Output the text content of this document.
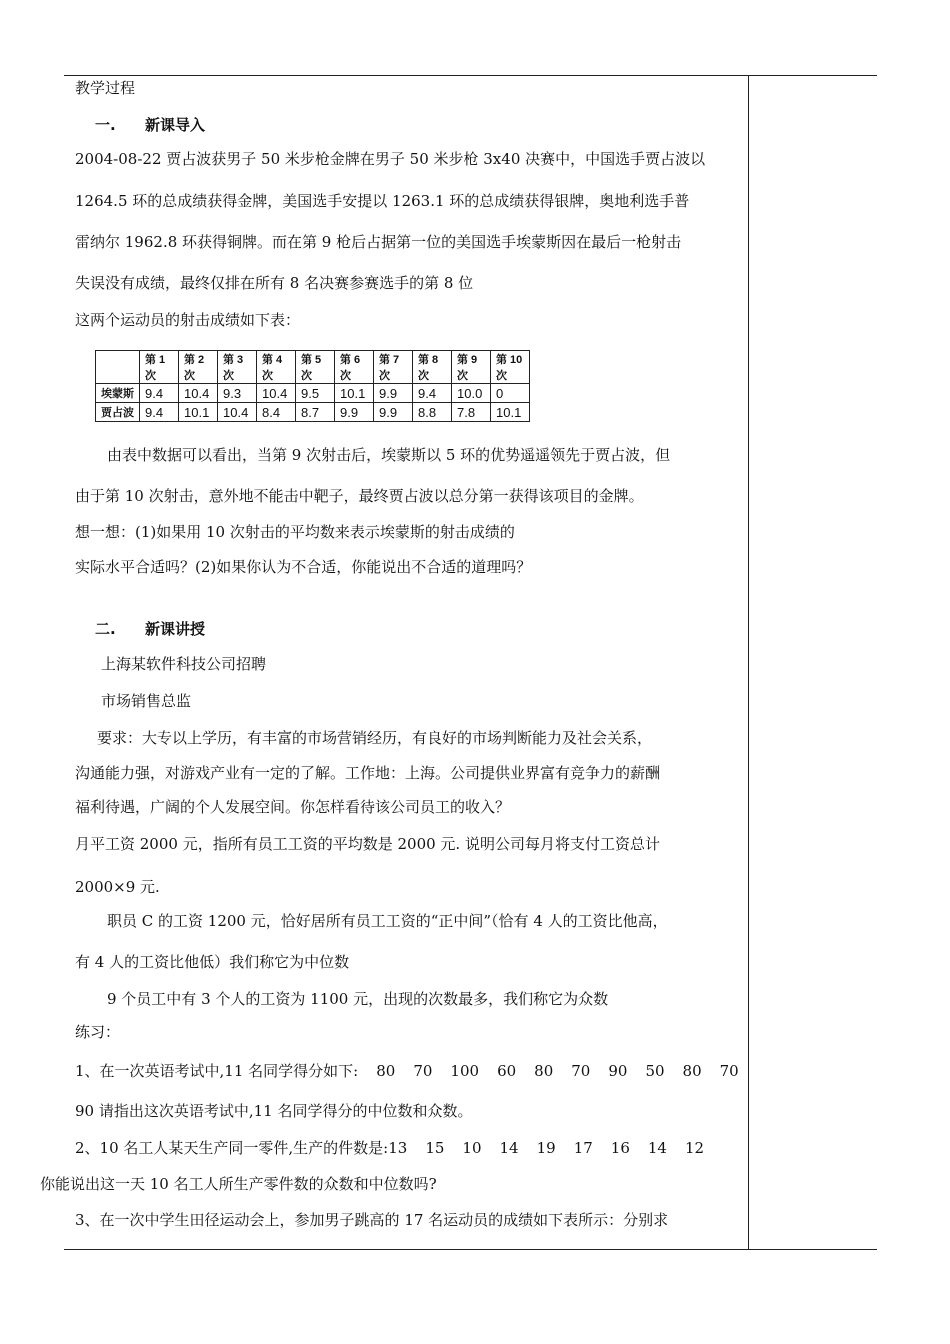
教学过程
一. 新课导入
2004-08-22 贾占波获男子 50 米步枪金牌在男子 50 米步枪 3x40 决赛中，中国选手贾占波以
1264.5 环的总成绩获得金牌，美国选手安提以 1263.1 环的总成绩获得银牌，奥地利选手普
雷纳尔 1962.8 环获得铜牌。而在第 9 枪后占据第一位的美国选手埃蒙斯因在最后一枪射击
失误没有成绩，最终仅排在所有 8 名决赛参赛选手的第 8 位
这两个运动员的射击成绩如下表：
	第 1 次	第 2 次	第 3 次	第 4 次	第 5 次	第 6 次	第 7 次	第 8 次	第 9 次	第 10 次
埃蒙斯	9.4	10.4	9.3	10.4	9.5	10.1	9.9	9.4	10.0	0
贾占波	9.4	10.1	10.4	8.4	8.7	9.9	9.9	8.8	7.8	10.1
由表中数据可以看出，当第 9 次射击后，埃蒙斯以 5 环的优势遥遥领先于贾占波，但
由于第 10 次射击，意外地不能击中靶子，最终贾占波以总分第一获得该项目的金牌。
想一想：(1)如果用 10 次射击的平均数来表示埃蒙斯的射击成绩的
实际水平合适吗？(2)如果你认为不合适，你能说出不合适的道理吗？
二. 新课讲授
上海某软件科技公司招聘
市场销售总监
要求：大专以上学历，有丰富的市场营销经历，有良好的市场判断能力及社会关系，
沟通能力强，对游戏产业有一定的了解。工作地：上海。公司提供业界富有竞争力的薪酬
福利待遇，广阔的个人发展空间。你怎样看待该公司员工的收入？
月平工资 2000 元，指所有员工工资的平均数是 2000 元. 说明公司每月将支付工资总计
2000×9 元.
职员 C 的工资 1200 元，恰好居所有员工工资的“正中间”（恰有 4 人的工资比他高，
有 4 人的工资比他低）我们称它为中位数
9 个员工中有 3 个人的工资为 1100 元，出现的次数最多，我们称它为众数
练习：
1、在一次英语考试中,11 名同学得分如下: 80 70 100 60 80 70 90 50 80 70
90 请指出这次英语考试中,11 名同学得分的中位数和众数。
2、10 名工人某天生产同一零件,生产的件数是:13 15 10 14 19 17 16 14 12
你能说出这一天 10 名工人所生产零件数的众数和中位数吗?
3、在一次中学生田径运动会上，参加男子跳高的 17 名运动员的成绩如下表所示：分别求
